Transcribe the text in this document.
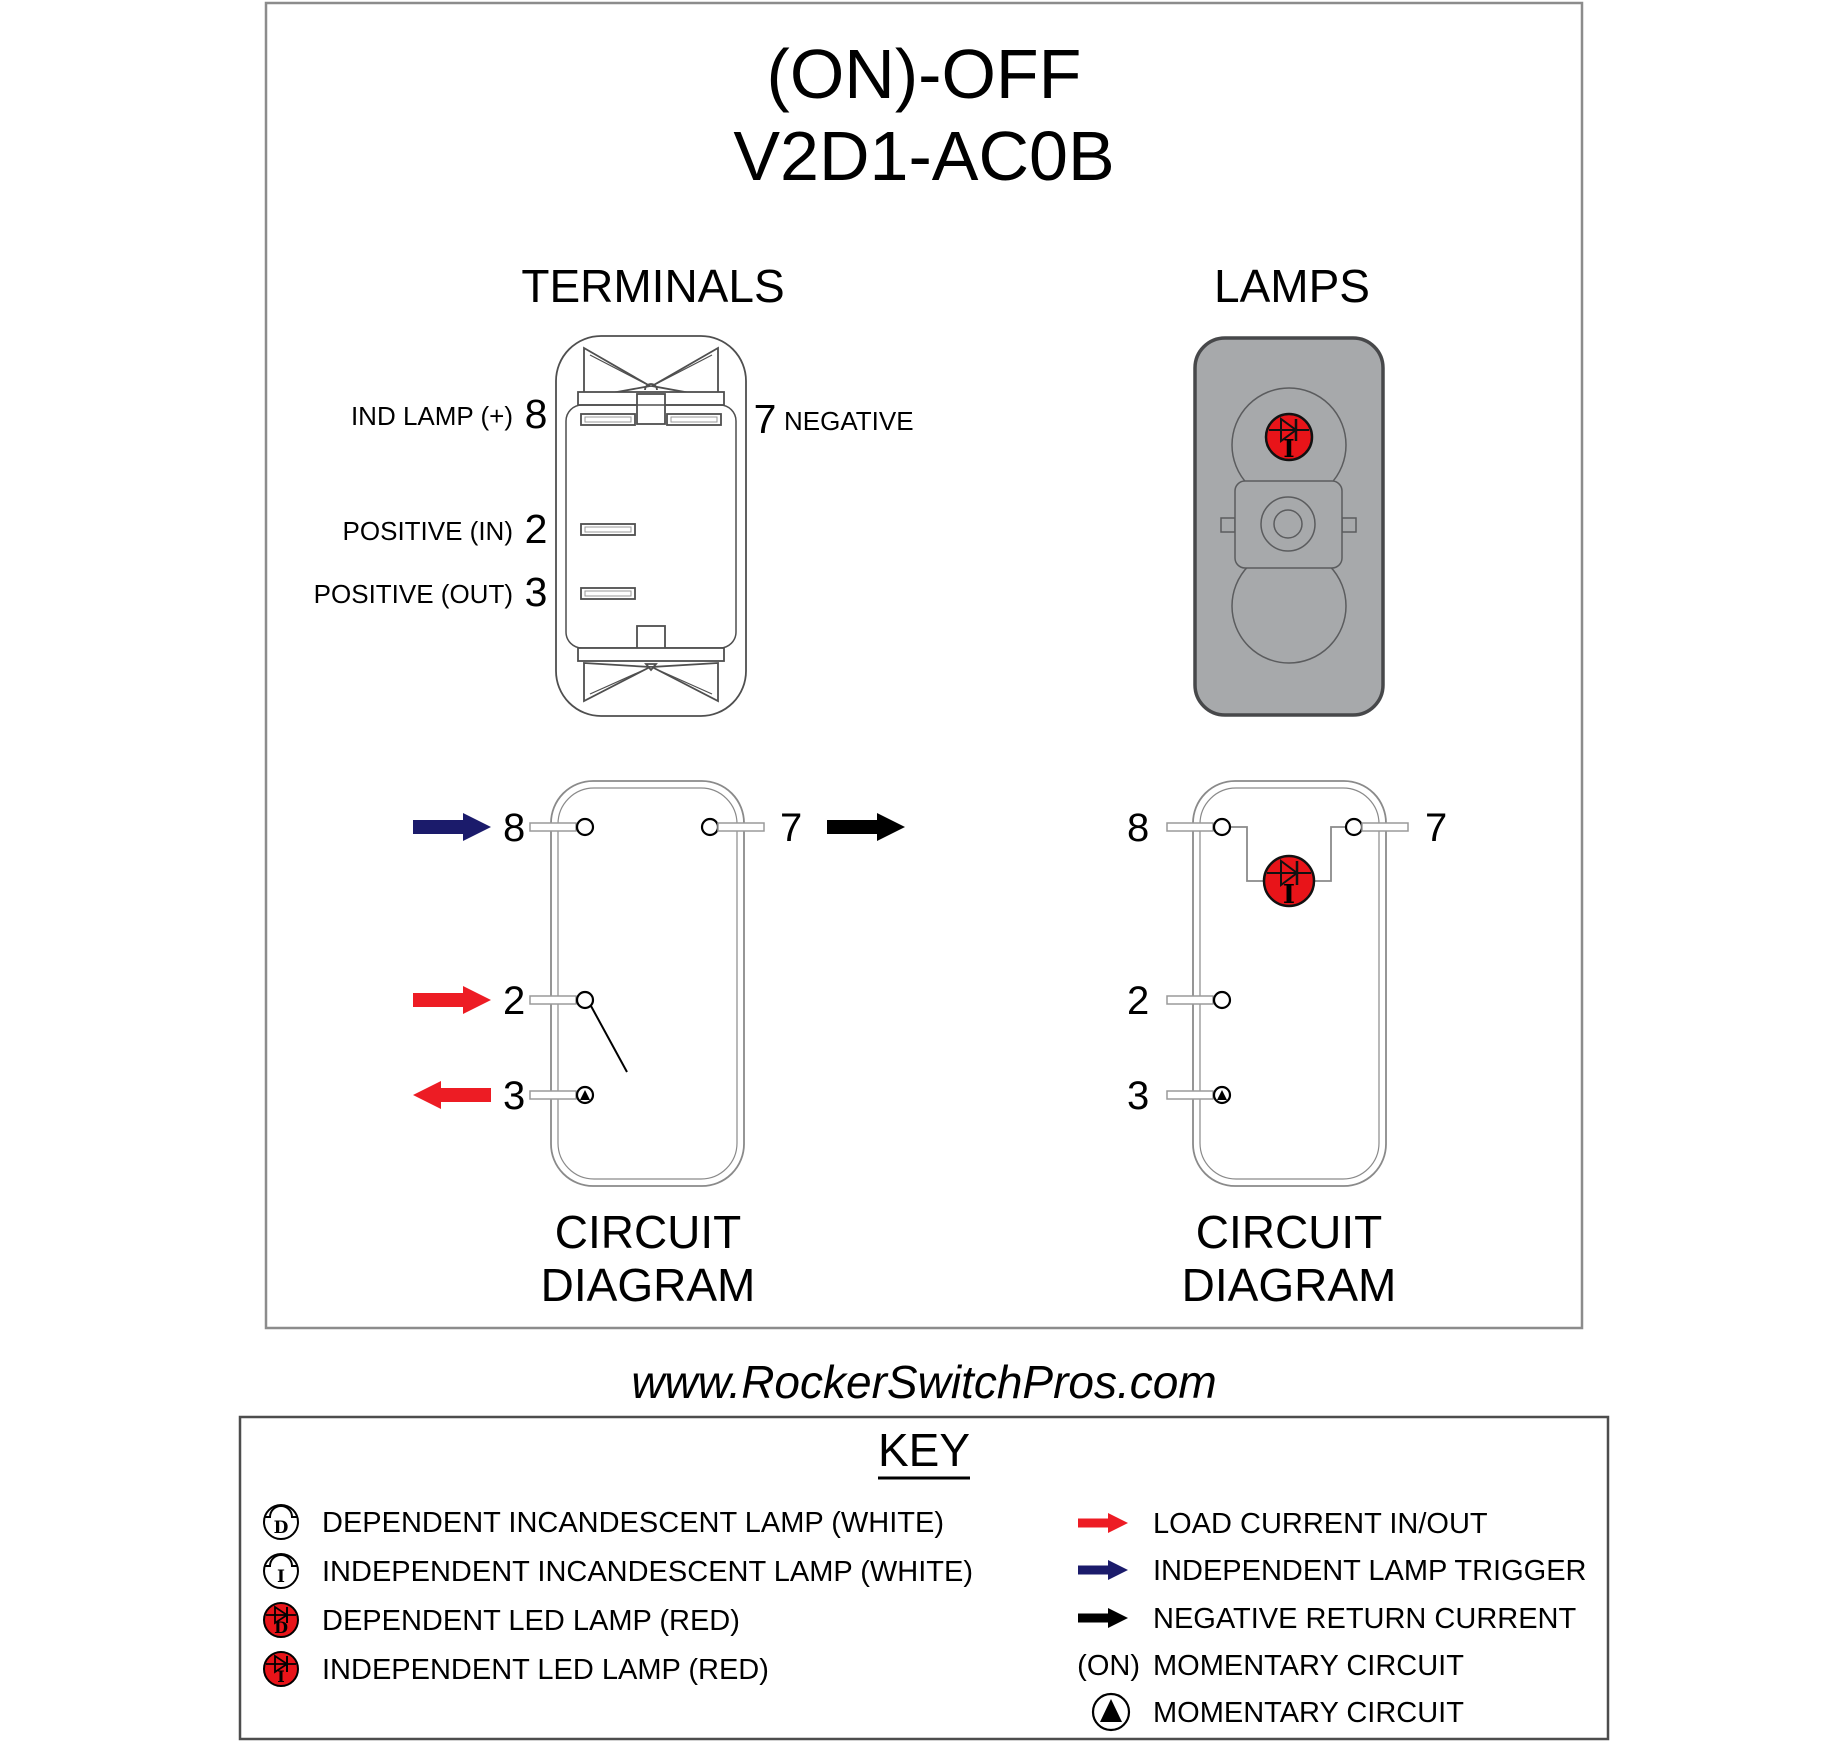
(ON)-OFF
V2D1-AC0B
TERMINALS	LAMPS
IND LAMP (+) 8	7 NEGATIVE
POSITIVE (IN) 2
POSITIVE (OUT) 3
I
8	7
2
3
CIRCUIT
DIAGRAM
8	7
I
2
3
CIRCUIT
DIAGRAM
www.RockerSwitchPros.com
KEY
D DEPENDENT INCANDESCENT LAMP (WHITE)
I INDEPENDENT INCANDESCENT LAMP (WHITE)
D DEPENDENT LED LAMP (RED)
I INDEPENDENT LED LAMP (RED)
LOAD CURRENT IN/OUT
INDEPENDENT LAMP TRIGGER
NEGATIVE RETURN CURRENT
(ON) MOMENTARY CIRCUIT
MOMENTARY CIRCUIT
